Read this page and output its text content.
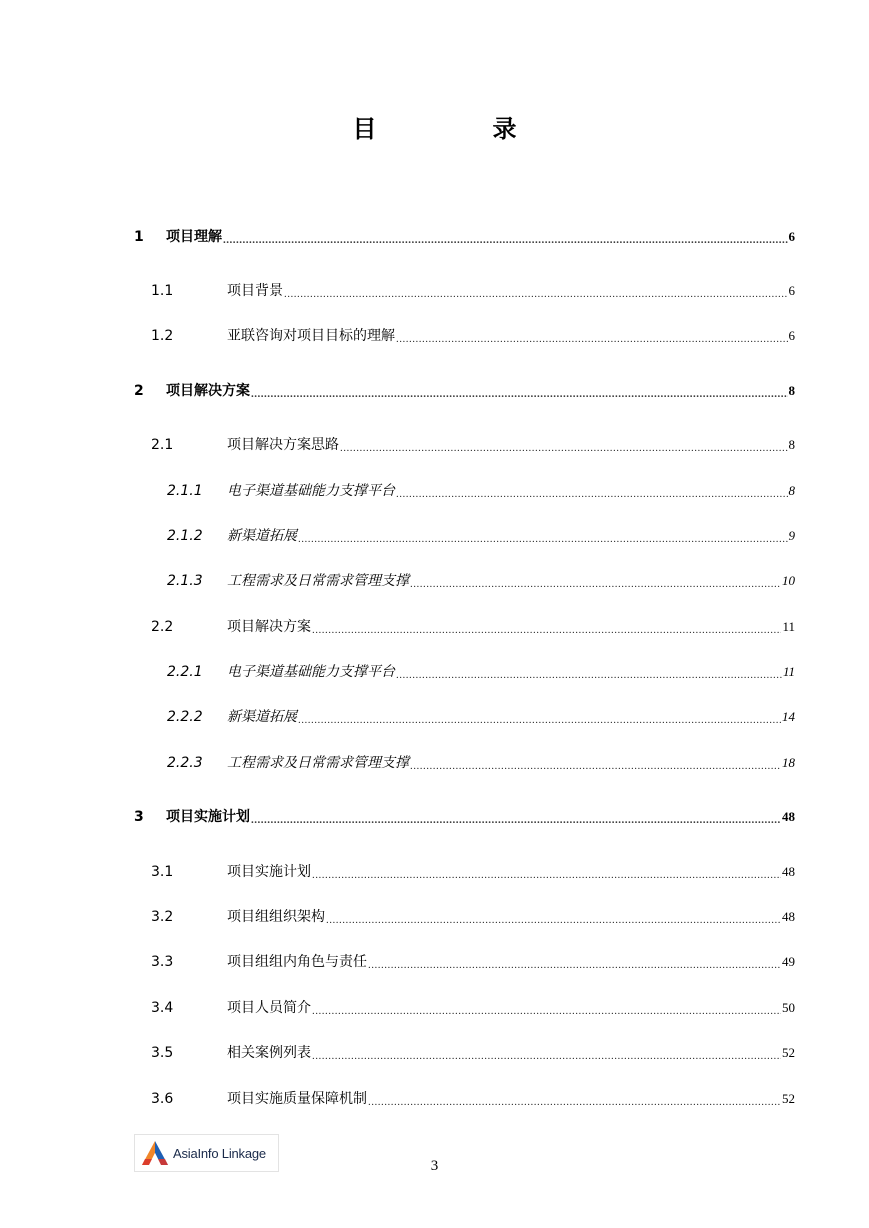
目　录
1 项目理解 .....	6
1.1	项目背景 .....	6
1.2	亚联咨询对项目目标的理解 .....	6
2 项目解决方案 .....	8
2.1	项目解决方案思路 .....	8
2.1.1 电子渠道基础能力支撑平台 .....	8
2.1.2 新渠道拓展 .....	9
2.1.3 工程需求及日常需求管理支撑 .....	10
2.2	项目解决方案 .....	11
2.2.1 电子渠道基础能力支撑平台 .....	11
2.2.2 新渠道拓展 .....	14
2.2.3 工程需求及日常需求管理支撑 .....	18
3 项目实施计划 .....	48
3.1	项目实施计划 .....	48
3.2	项目组组织架构 .....	48
3.3	项目组组内角色与责任 .....	49
3.4	项目人员简介 .....	50
3.5	相关案例列表 .....	52
3.6	项目实施质量保障机制 .....	52
AsiaInfo Linkage
3
